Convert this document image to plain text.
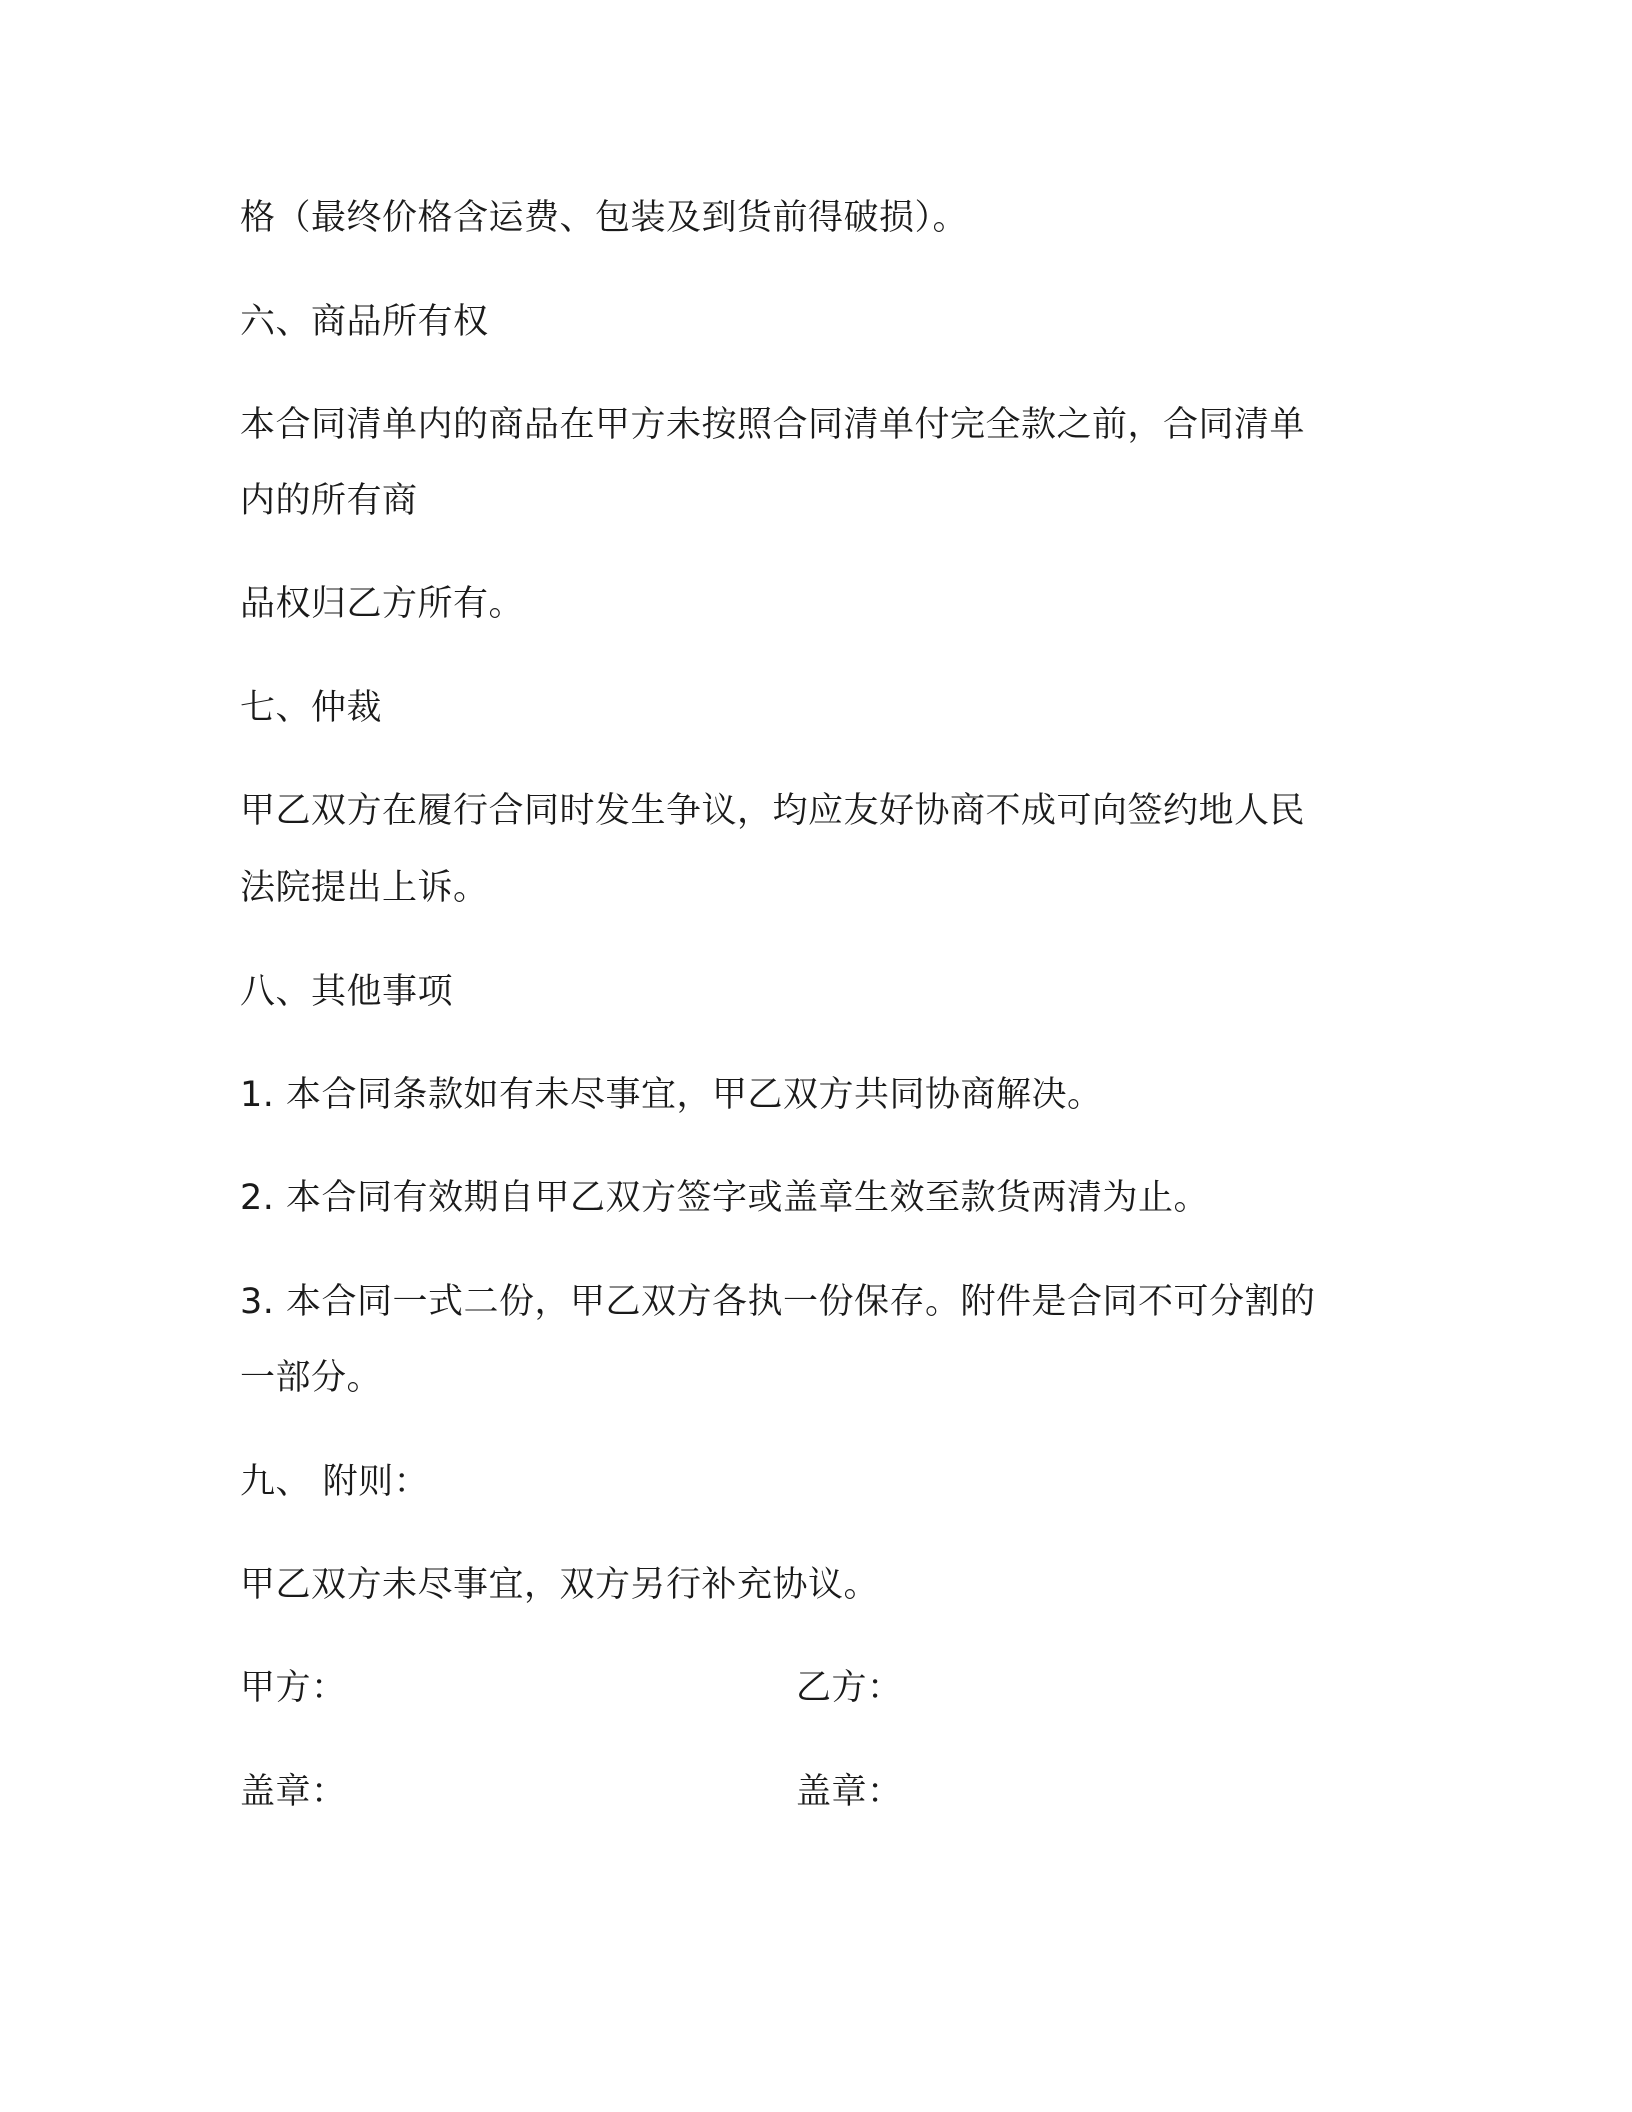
格（最终价格含运费、包装及到货前得破损）。
六、商品所有权
本合同清单内的商品在甲方未按照合同清单付完全款之前，合同清单
内的所有商
品权归乙方所有。
七、仲裁
甲乙双方在履行合同时发生争议，均应友好协商不成可向签约地人民
法院提出上诉。
八、其他事项
1. 本合同条款如有未尽事宜，甲乙双方共同协商解决。
2. 本合同有效期自甲乙双方签字或盖章生效至款货两清为止。
3. 本合同一式二份，甲乙双方各执一份保存。附件是合同不可分割的
一部分。
九、 附则：
甲乙双方未尽事宜，双方另行补充协议。
甲方：	乙方：
盖章：	盖章：
